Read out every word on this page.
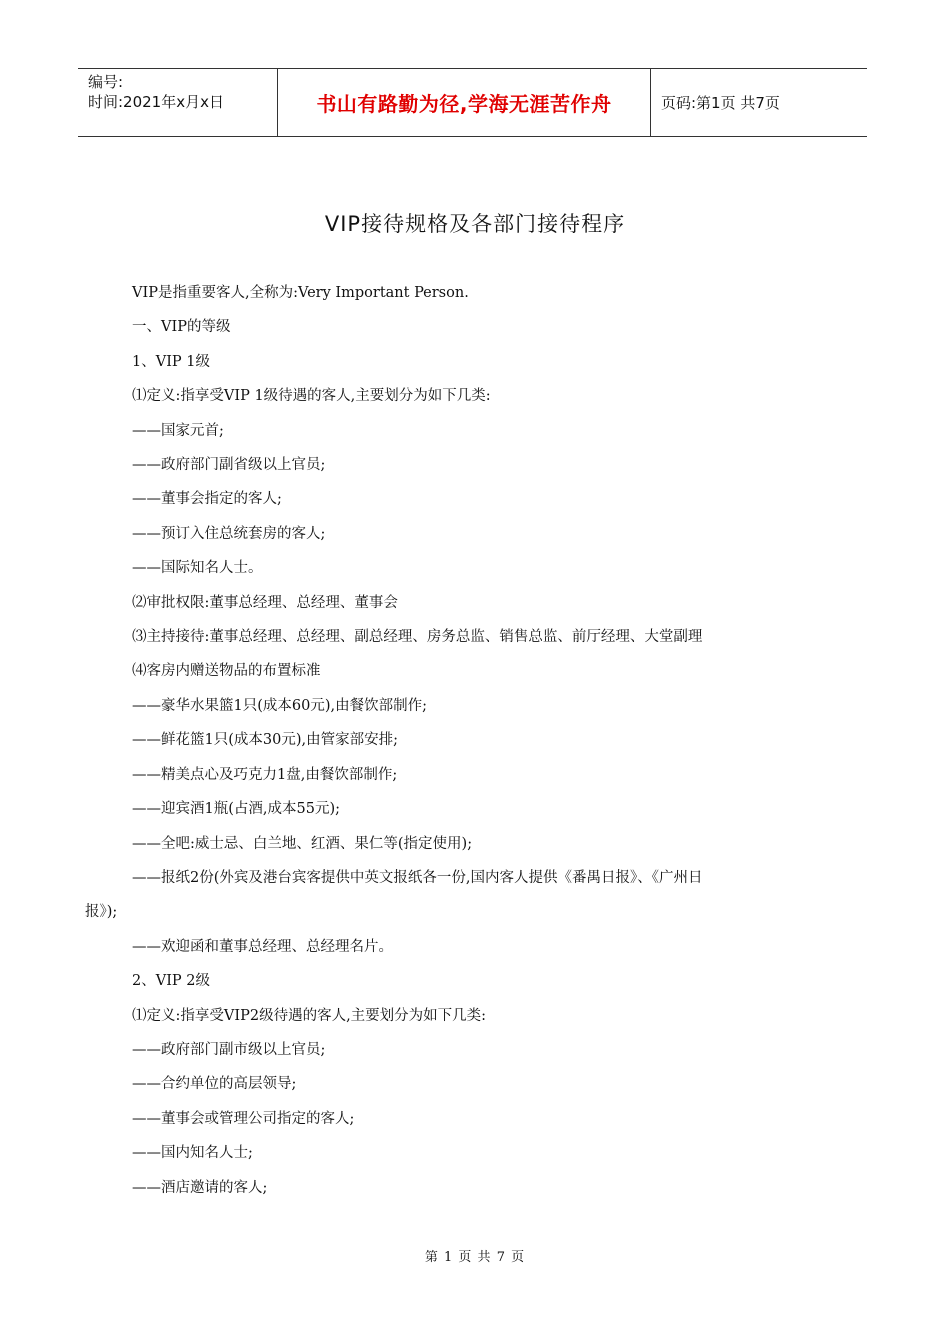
编号:
时间:2021年x月x日	书山有路勤为径,学海无涯苦作舟	页码:第1页 共7页
VIP接待规格及各部门接待程序
VIP是指重要客人,全称为:Very Important Person.
一、VIP的等级
1、VIP 1级
⑴定义:指享受VIP 1级待遇的客人,主要划分为如下几类:
——国家元首;
——政府部门副省级以上官员;
——董事会指定的客人;
——预订入住总统套房的客人;
——国际知名人士。
⑵审批权限:董事总经理、总经理、董事会
⑶主持接待:董事总经理、总经理、副总经理、房务总监、销售总监、前厅经理、大堂副理
⑷客房内赠送物品的布置标准
——豪华水果篮1只(成本60元),由餐饮部制作;
——鲜花篮1只(成本30元),由管家部安排;
——精美点心及巧克力1盘,由餐饮部制作;
——迎宾酒1瓶(占酒,成本55元);
——全吧:威士忌、白兰地、红酒、果仁等(指定使用);
——报纸2份(外宾及港台宾客提供中英文报纸各一份,国内客人提供《番禺日报》、《广州日
报》);
——欢迎函和董事总经理、总经理名片。
2、VIP 2级
⑴定义:指享受VIP2级待遇的客人,主要划分为如下几类:
——政府部门副市级以上官员;
——合约单位的高层领导;
——董事会或管理公司指定的客人;
——国内知名人士;
——酒店邀请的客人;
第 1 页 共 7 页
